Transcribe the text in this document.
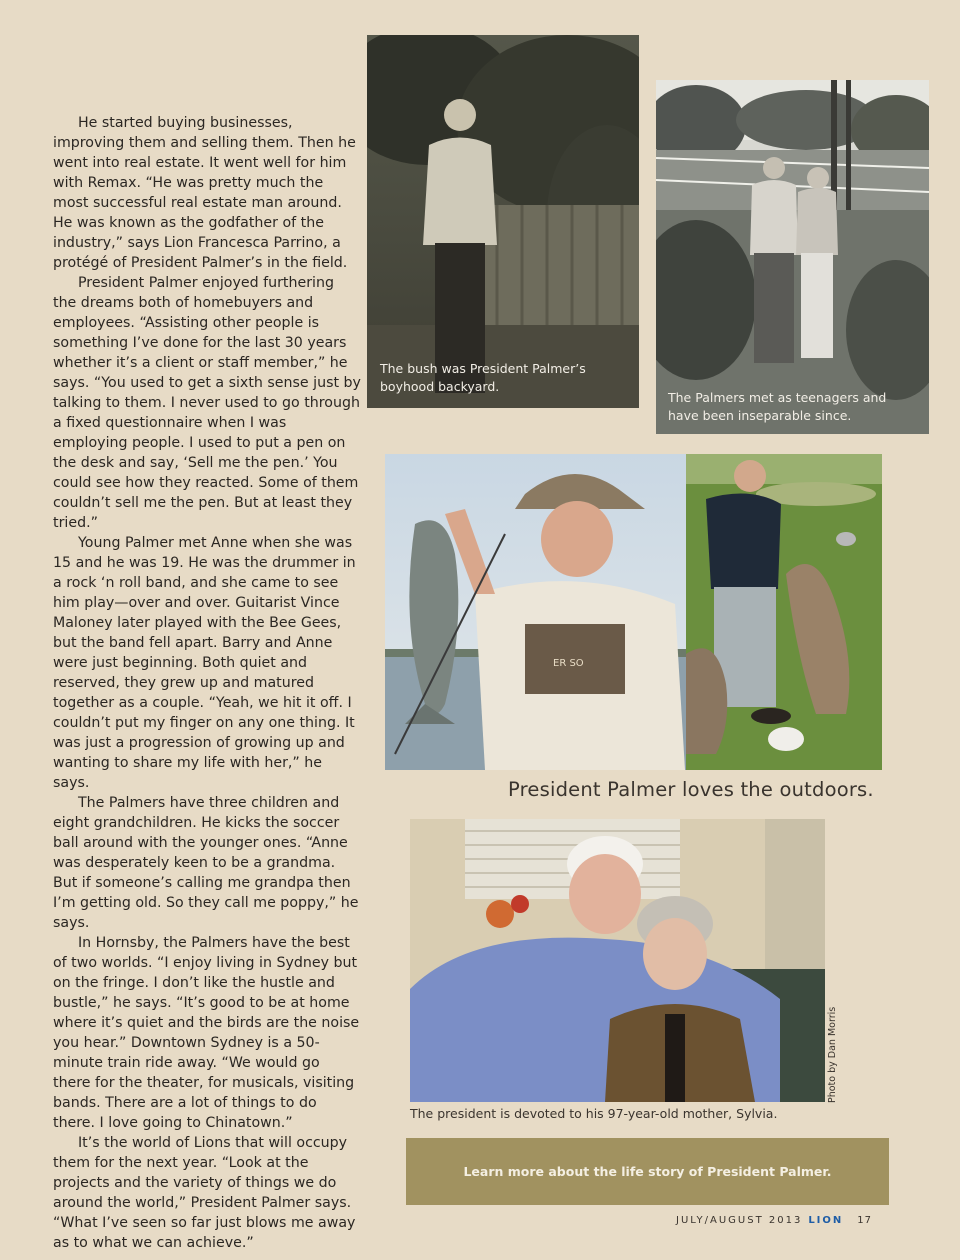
He started buying businesses, improving them and selling them. Then he went into real estate. It went well for him with Remax. “He was pretty much the most successful real estate man around. He was known as the godfather of the industry,” says Lion Francesca Parrino, a protégé of President Palmer’s in the field.

President Palmer enjoyed furthering the dreams both of homebuyers and employees. “Assisting other people is something I’ve done for the last 30 years whether it’s a client or staff member,” he says. “You used to get a sixth sense just by talking to them. I never used to go through a fixed questionnaire when I was employing people. I used to put a pen on the desk and say, ‘Sell me the pen.’ You could see how they reacted. Some of them couldn’t sell me the pen. But at least they tried.”

Young Palmer met Anne when she was 15 and he was 19. He was the drummer in a rock ‘n roll band, and she came to see him play—over and over. Guitarist Vince Maloney later played with the Bee Gees, but the band fell apart. Barry and Anne were just beginning. Both quiet and reserved, they grew up and matured together as a couple. “Yeah, we hit it off. I couldn’t put my finger on any one thing. It was just a progression of growing up and wanting to share my life with her,” he says.

The Palmers have three children and eight grandchildren. He kicks the soccer ball around with the younger ones. “Anne was desperately keen to be a grandma. But if someone’s calling me grandpa then I’m getting old. So they call me poppy,” he says.

In Hornsby, the Palmers have the best of two worlds. “I enjoy living in Sydney but on the fringe. I don’t like the hustle and bustle,” he says. “It’s good to be at home where it’s quiet and the birds are the noise you hear.” Downtown Sydney is a 50-minute train ride away. “We would go there for the theater, for musicals, visiting bands. There are a lot of things to do there. I love going to Chinatown.”

It’s the world of Lions that will occupy them for the next year. “Look at the projects and the variety of things we do around the world,” President Palmer says. “What I’ve seen so far just blows me away as to what we can achieve.”

The bush was President Palmer’s boyhood backyard.
The Palmers met as teenagers and have been inseparable since.
ER SO
President Palmer loves the outdoors.
Photo by Dan Morris
The president is devoted to his 97-year-old mother, Sylvia.
Learn more about the life story of President Palmer.
JULY/AUGUST 2013 LION 17
